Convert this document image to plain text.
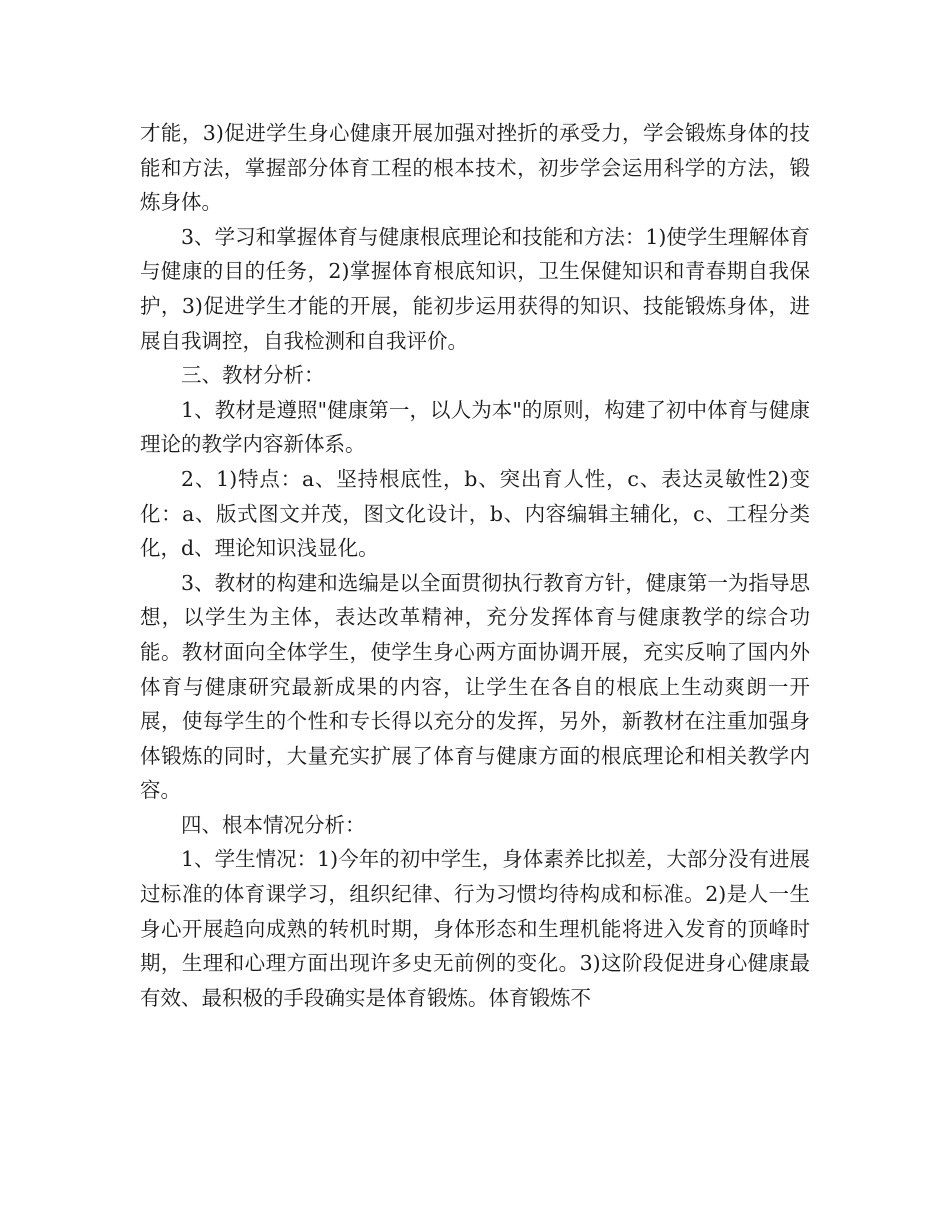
才能，3)促进学生身心健康开展加强对挫折的承受力，学会锻炼身体的技能和方法，掌握部分体育工程的根本技术，初步学会运用科学的方法，锻炼身体。

3、学习和掌握体育与健康根底理论和技能和方法：1)使学生理解体育与健康的目的任务，2)掌握体育根底知识，卫生保健知识和青春期自我保护，3)促进学生才能的开展，能初步运用获得的知识、技能锻炼身体，进展自我调控，自我检测和自我评价。

三、教材分析：

1、教材是遵照"健康第一，以人为本"的原则，构建了初中体育与健康理论的教学内容新体系。

2、1)特点：a、坚持根底性，b、突出育人性，c、表达灵敏性2)变化：a、版式图文并茂，图文化设计，b、内容编辑主辅化，c、工程分类化，d、理论知识浅显化。

3、教材的构建和选编是以全面贯彻执行教育方针，健康第一为指导思想，以学生为主体，表达改革精神，充分发挥体育与健康教学的综合功能。教材面向全体学生，使学生身心两方面协调开展，充实反响了国内外体育与健康研究最新成果的内容，让学生在各自的根底上生动爽朗一开展，使每学生的个性和专长得以充分的发挥，另外，新教材在注重加强身体锻炼的同时，大量充实扩展了体育与健康方面的根底理论和相关教学内容。

四、根本情况分析：

1、学生情况：1)今年的初中学生，身体素养比拟差，大部分没有进展过标准的体育课学习，组织纪律、行为习惯均待构成和标准。2)是人一生身心开展趋向成熟的转机时期，身体形态和生理机能将进入发育的顶峰时期，生理和心理方面出现许多史无前例的变化。3)这阶段促进身心健康最有效、最积极的手段确实是体育锻炼。体育锻炼不
